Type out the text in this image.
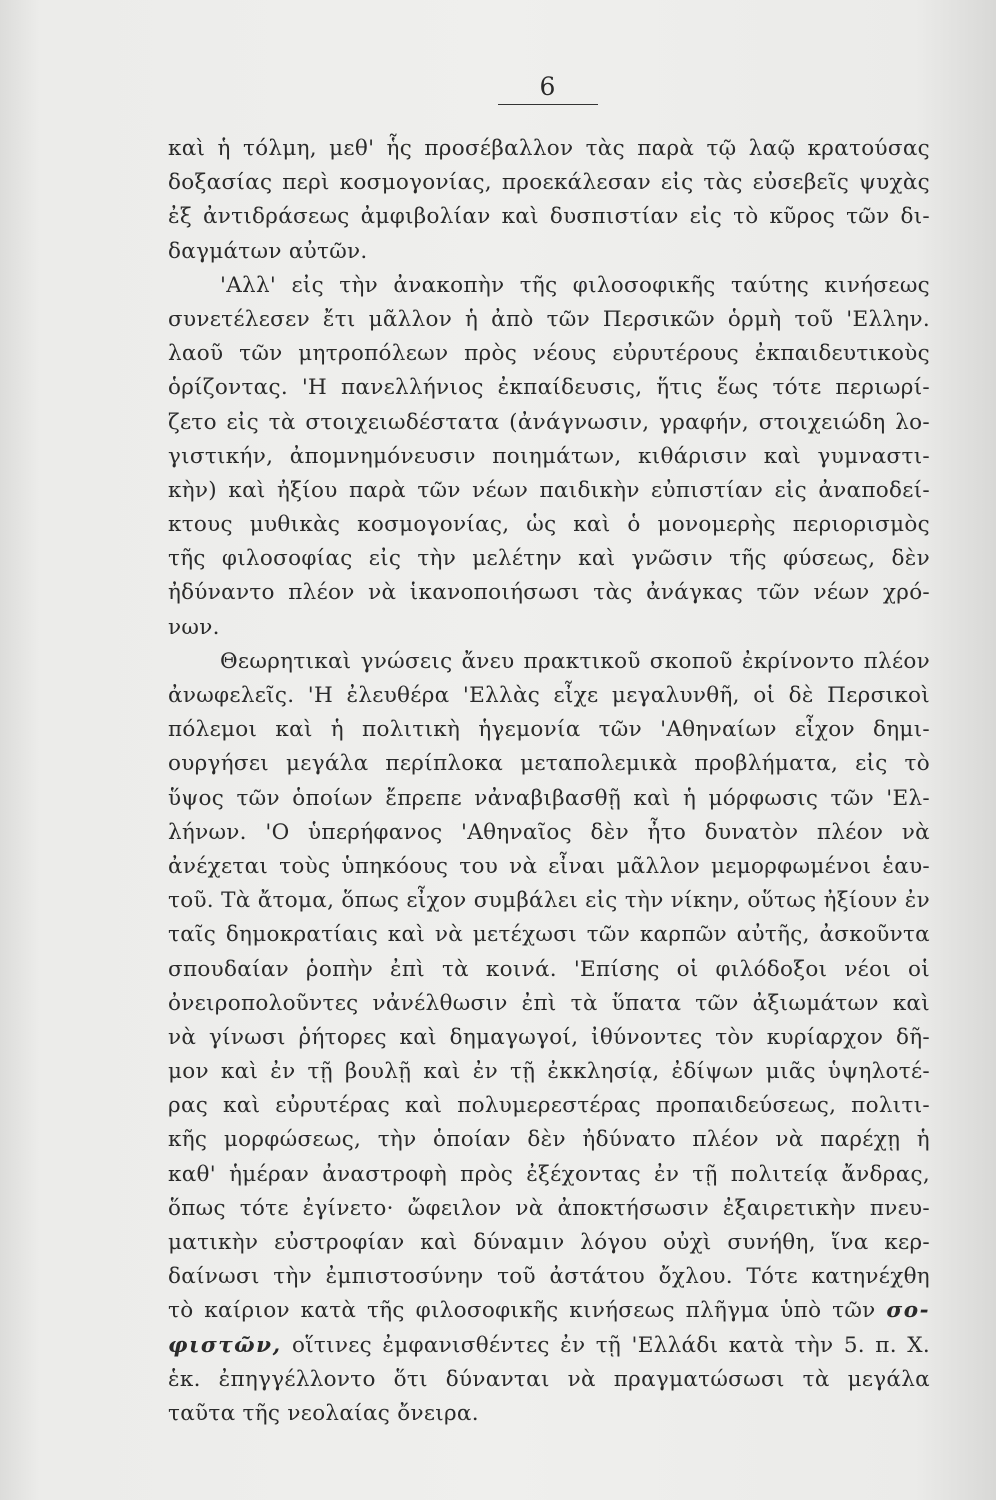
6
καὶ ἡ τόλμη, μεθ' ἧς προσέβαλλον τὰς παρὰ τῷ λαῷ κρατούσας
δοξασίας περὶ κοσμογονίας, προεκάλεσαν εἰς τὰς εὐσεβεῖς ψυχὰς
ἐξ ἀντιδράσεως ἀμφιβολίαν καὶ δυσπιστίαν εἰς τὸ κῦρος τῶν δι-
δαγμάτων αὐτῶν.
'Αλλ' εἰς τὴν ἀνακοπὴν τῆς φιλοσοφικῆς ταύτης κινήσεως
συνετέλεσεν ἔτι μᾶλλον ἡ ἀπὸ τῶν Περσικῶν ὁρμὴ τοῦ 'Ελλην.
λαοῦ τῶν μητροπόλεων πρὸς νέους εὐρυτέρους ἐκπαιδευτικοὺς
ὁρίζοντας. 'Η πανελλήνιος ἐκπαίδευσις, ἥτις ἕως τότε περιωρί-
ζετο εἰς τὰ στοιχειωδέστατα (ἀνάγνωσιν, γραφήν, στοιχειώδη λο-
γιστικήν, ἀπομνημόνευσιν ποιημάτων, κιθάρισιν καὶ γυμναστι-
κὴν) καὶ ἠξίου παρὰ τῶν νέων παιδικὴν εὐπιστίαν εἰς ἀναποδεί-
κτους μυθικὰς κοσμογονίας, ὡς καὶ ὁ μονομερὴς περιορισμὸς
τῆς φιλοσοφίας εἰς τὴν μελέτην καὶ γνῶσιν τῆς φύσεως, δὲν
ἠδύναντο πλέον νὰ ἱκανοποιήσωσι τὰς ἀνάγκας τῶν νέων χρό-
νων.
Θεωρητικαὶ γνώσεις ἄνευ πρακτικοῦ σκοποῦ ἐκρίνοντο πλέον
ἀνωφελεῖς. 'Η ἐλευθέρα 'Ελλὰς εἶχε μεγαλυνθῆ, οἱ δὲ Περσικοὶ
πόλεμοι καὶ ἡ πολιτικὴ ἡγεμονία τῶν 'Αθηναίων εἶχον δημι-
ουργήσει μεγάλα περίπλοκα μεταπολεμικὰ προβλήματα, εἰς τὸ
ὕψος τῶν ὁποίων ἔπρεπε νἀναβιβασθῇ καὶ ἡ μόρφωσις τῶν 'Ελ-
λήνων. 'Ο ὑπερήφανος 'Αθηναῖος δὲν ἦτο δυνατὸν πλέον νὰ
ἀνέχεται τοὺς ὑπηκόους του νὰ εἶναι μᾶλλον μεμορφωμένοι ἑαυ-
τοῦ. Τὰ ἄτομα, ὅπως εἶχον συμβάλει εἰς τὴν νίκην, οὕτως ἠξίουν ἐν
ταῖς δημοκρατίαις καὶ νὰ μετέχωσι τῶν καρπῶν αὐτῆς, ἀσκοῦντα
σπουδαίαν ῥοπὴν ἐπὶ τὰ κοινά. 'Επίσης οἱ φιλόδοξοι νέοι οἱ
ὀνειροπολοῦντες νἀνέλθωσιν ἐπὶ τὰ ὕπατα τῶν ἀξιωμάτων καὶ
νὰ γίνωσι ῥήτορες καὶ δημαγωγοί, ἰθύνοντες τὸν κυρίαρχον δῆ-
μον καὶ ἐν τῇ βουλῇ καὶ ἐν τῇ ἐκκλησίᾳ, ἐδίψων μιᾶς ὑψηλοτέ-
ρας καὶ εὐρυτέρας καὶ πολυμερεστέρας προπαιδεύσεως, πολιτι-
κῆς μορφώσεως, τὴν ὁποίαν δὲν ἠδύνατο πλέον νὰ παρέχῃ ἡ
καθ' ἡμέραν ἀναστροφὴ πρὸς ἐξέχοντας ἐν τῇ πολιτείᾳ ἄνδρας,
ὅπως τότε ἐγίνετο· ὤφειλον νὰ ἀποκτήσωσιν ἐξαιρετικὴν πνευ-
ματικὴν εὐστροφίαν καὶ δύναμιν λόγου οὐχὶ συνήθη, ἵνα κερ-
δαίνωσι τὴν ἐμπιστοσύνην τοῦ ἀστάτου ὄχλου. Τότε κατηνέχθη
τὸ καίριον κατὰ τῆς φιλοσοφικῆς κινήσεως πλῆγμα ὑπὸ τῶν σο-
φιστῶν, οἵτινες ἐμφανισθέντες ἐν τῇ 'Ελλάδι κατὰ τὴν 5. π. Χ.
ἑκ. ἐπηγγέλλοντο ὅτι δύνανται νὰ πραγματώσωσι τὰ μεγάλα
ταῦτα τῆς νεολαίας ὄνειρα.
